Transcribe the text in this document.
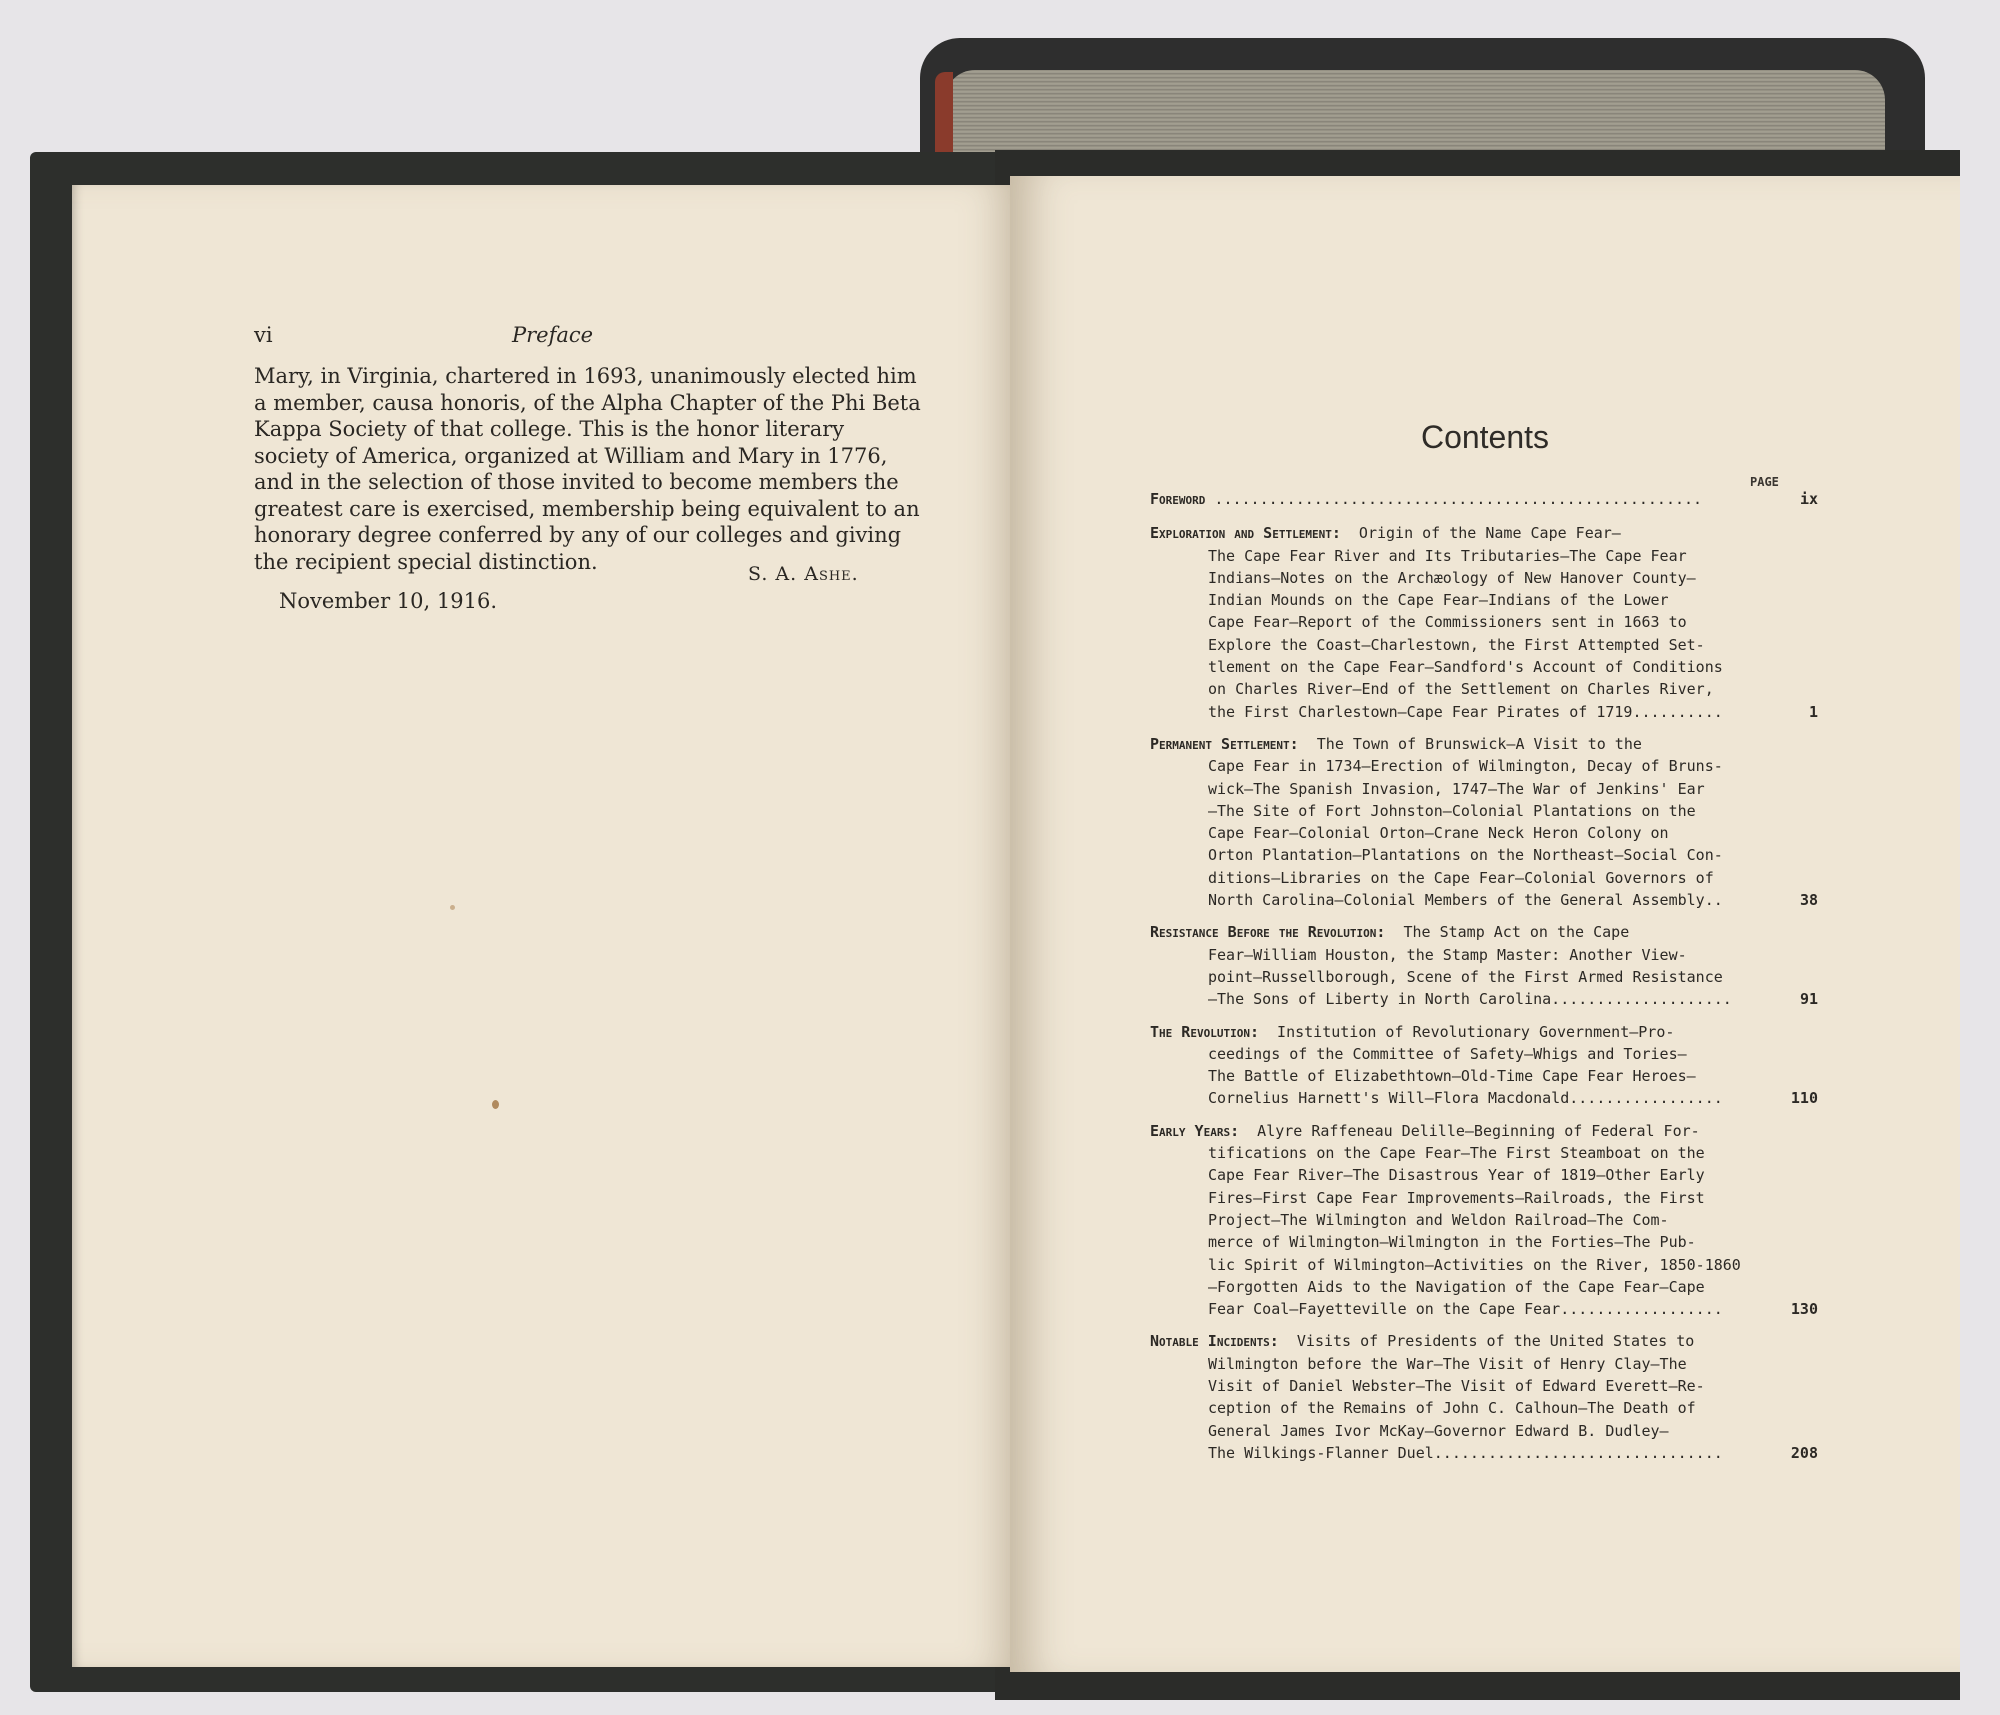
vi	Preface
Mary, in Virginia, chartered in 1693, unanimously elected him
a member, causa honoris, of the Alpha Chapter of the Phi Beta
Kappa Society of that college. This is the honor literary
society of America, organized at William and Mary in 1776,
and in the selection of those invited to become members the
greatest care is exercised, membership being equivalent to an
honorary degree conferred by any of our colleges and giving
the recipient special distinction.
S. A. Ashe.
November 10, 1916.
Contents
PAGE
Foreword ......................................................	ix
Exploration and Settlement:  Origin of the Name Cape Fear—
The Cape Fear River and Its Tributaries—The Cape Fear
Indians—Notes on the Archæology of New Hanover County—
Indian Mounds on the Cape Fear—Indians of the Lower
Cape Fear—Report of the Commissioners sent in 1663 to
Explore the Coast—Charlestown, the First Attempted Set-
tlement on the Cape Fear—Sandford's Account of Conditions
on Charles River—End of the Settlement on Charles River,
the First Charlestown—Cape Fear Pirates of 1719..........	1
Permanent Settlement:  The Town of Brunswick—A Visit to the
Cape Fear in 1734—Erection of Wilmington, Decay of Bruns-
wick—The Spanish Invasion, 1747—The War of Jenkins' Ear
—The Site of Fort Johnston—Colonial Plantations on the
Cape Fear—Colonial Orton—Crane Neck Heron Colony on
Orton Plantation—Plantations on the Northeast—Social Con-
ditions—Libraries on the Cape Fear—Colonial Governors of
North Carolina—Colonial Members of the General Assembly..	38
Resistance Before the Revolution:  The Stamp Act on the Cape
Fear—William Houston, the Stamp Master: Another View-
point—Russellborough, Scene of the First Armed Resistance
—The Sons of Liberty in North Carolina....................	91
The Revolution:  Institution of Revolutionary Government—Pro-
ceedings of the Committee of Safety—Whigs and Tories—
The Battle of Elizabethtown—Old-Time Cape Fear Heroes—
Cornelius Harnett's Will—Flora Macdonald.................	110
Early Years:  Alyre Raffeneau Delille—Beginning of Federal For-
tifications on the Cape Fear—The First Steamboat on the
Cape Fear River—The Disastrous Year of 1819—Other Early
Fires—First Cape Fear Improvements—Railroads, the First
Project—The Wilmington and Weldon Railroad—The Com-
merce of Wilmington—Wilmington in the Forties—The Pub-
lic Spirit of Wilmington—Activities on the River, 1850-1860
—Forgotten Aids to the Navigation of the Cape Fear—Cape
Fear Coal—Fayetteville on the Cape Fear..................	130
Notable Incidents:  Visits of Presidents of the United States to
Wilmington before the War—The Visit of Henry Clay—The
Visit of Daniel Webster—The Visit of Edward Everett—Re-
ception of the Remains of John C. Calhoun—The Death of
General James Ivor McKay—Governor Edward B. Dudley—
The Wilkings-Flanner Duel................................	208
